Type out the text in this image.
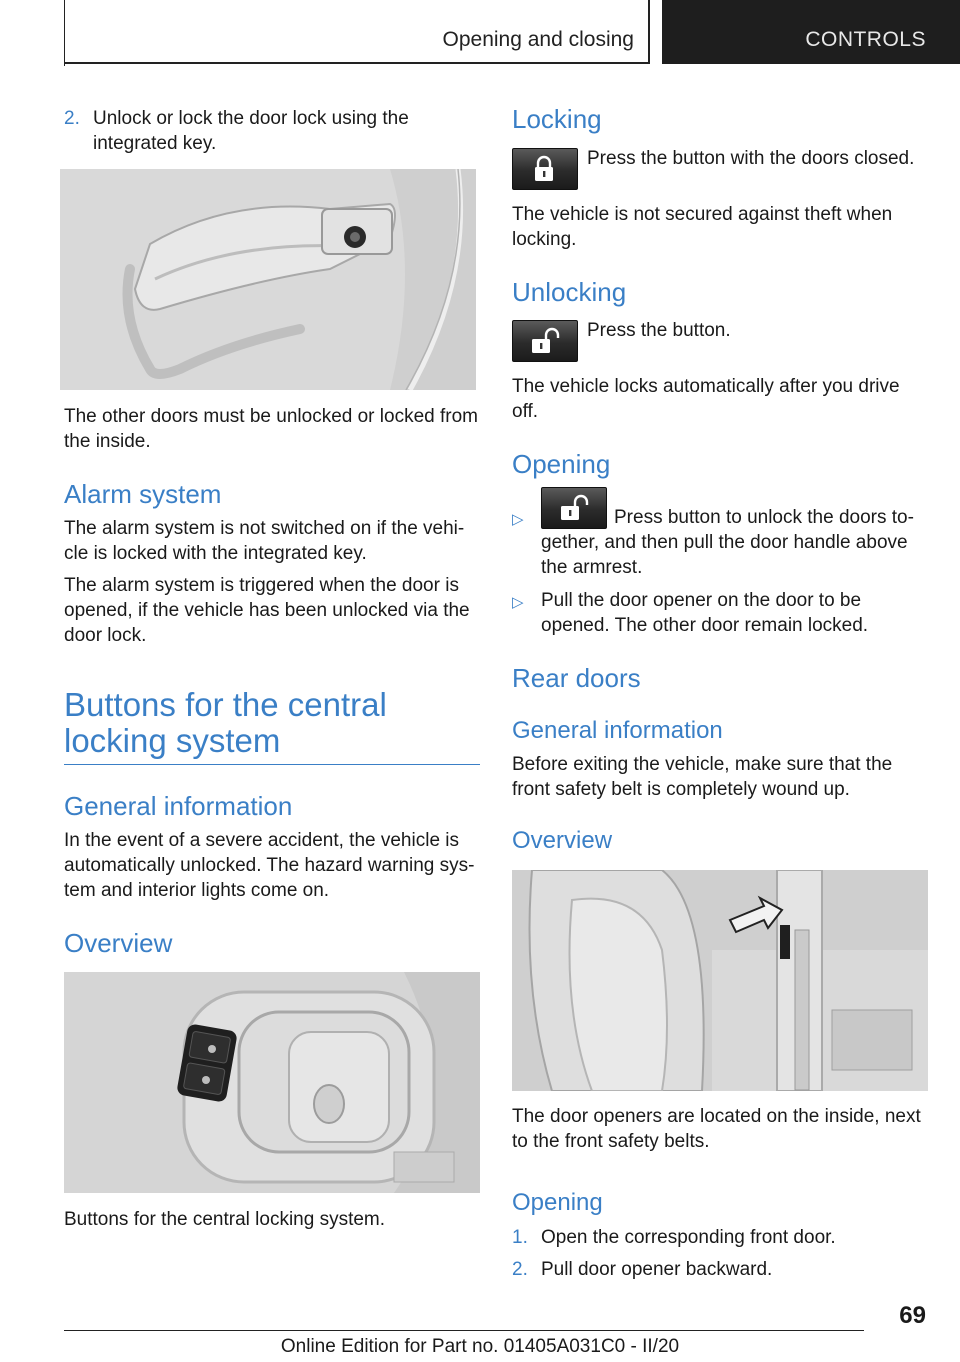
Opening and closing	CONTROLS
2. Unlock or lock the door lock using the integrated key.

The other doors must be unlocked or locked from the inside.

Alarm system

The alarm system is not switched on if the vehi‐ cle is locked with the integrated key.

The alarm system is triggered when the door is opened, if the vehicle has been unlocked via the door lock.

Buttons for the central locking system
General information

In the event of a severe accident, the vehicle is automatically unlocked. The hazard warning sys‐ tem and interior lights come on.

Overview

Buttons for the central locking system.

Locking

Press the button with the doors closed.

The vehicle is not secured against theft when locking.

Unlocking

Press the button.

The vehicle locks automatically after you drive off.

Opening
▷	Press button to unlock the doors to‐ gether, and then pull the door handle above the armrest.
▷ Pull the door opener on the door to be opened. The other door remain locked.
Rear doors
General information

Before exiting the vehicle, make sure that the front safety belt is completely wound up.

Overview

The door openers are located on the inside, next to the front safety belts.

Opening
1. Open the corresponding front door.
2. Pull door opener backward.
69
Online Edition for Part no. 01405A031C0 - II/20
